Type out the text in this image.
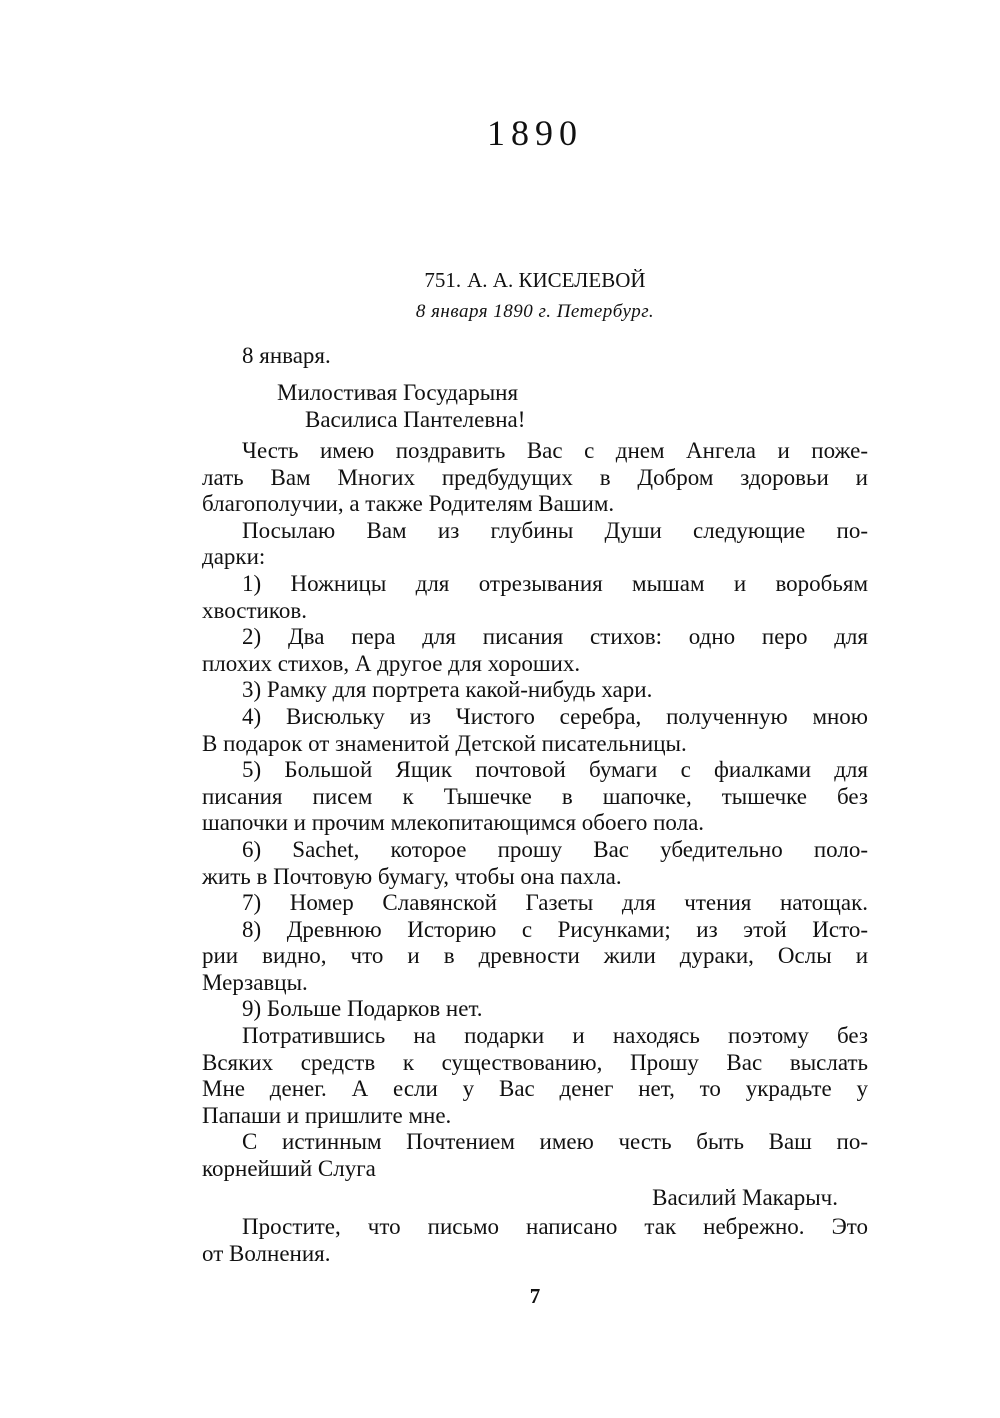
1890
751. А. А. КИСЕЛЕВОЙ
8 января 1890 г. Петербург.
8 января.
Милостивая Государыня
Василиса Пантелевна!
Честь имею поздравить Вас с днем Ангела и поже-
лать Вам Многих предбудущих в Добром здоровьи и
благополучии, а также Родителям Вашим.
Посылаю Вам из глубины Души следующие по-
дарки:
1) Ножницы для отрезывания мышам и воробьям
хвостиков.
2) Два пера для писания стихов: одно перо для
плохих стихов, А другое для хороших.
3) Рамку для портрета какой-нибудь хари.
4) Висюльку из Чистого серебра, полученную мною
В подарок от знаменитой Детской писательницы.
5) Большой Ящик почтовой бумаги с фиалками для
писания писем к Тышечке в шапочке, тышечке без
шапочки и прочим млекопитающимся обоего пола.
6) Sachet, которое прошу Вас убедительно поло-
жить в Почтовую бумагу, чтобы она пахла.
7) Номер Славянской Газеты для чтения натощак.
8) Древнюю Историю с Рисунками; из этой Исто-
рии видно, что и в древности жили дураки, Ослы и
Мерзавцы.
9) Больше Подарков нет.
Потратившись на подарки и находясь поэтому без
Всяких средств к существованию, Прошу Вас выслать
Мне денег. А если у Вас денег нет, то украдьте у
Папаши и пришлите мне.
С истинным Почтением имею честь быть Ваш по-
корнейший Слуга
Василий Макарыч.
Простите, что письмо написано так небрежно. Это
от Волнения.
7
